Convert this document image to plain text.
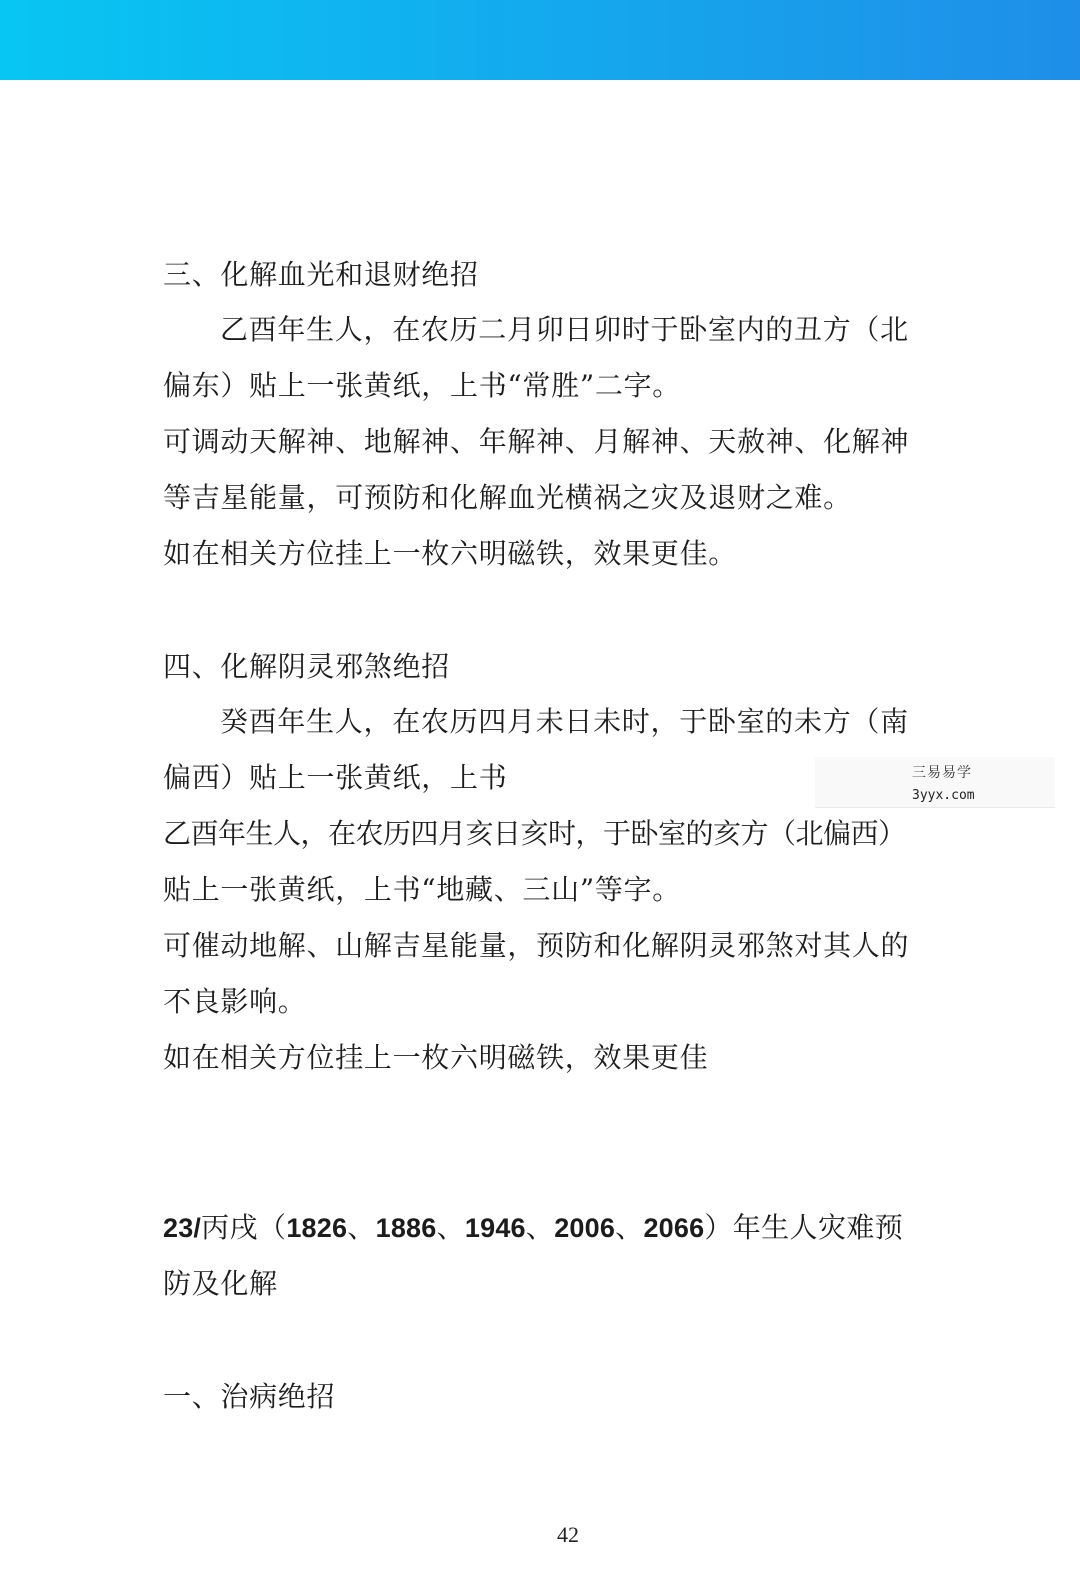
三、化解血光和退财绝招
乙酉年生人，在农历二月卯日卯时于卧室内的丑方（北
偏东）贴上一张黄纸，上书“常胜”二字。
可调动天解神、地解神、年解神、月解神、天赦神、化解神
等吉星能量，可预防和化解血光横祸之灾及退财之难。
如在相关方位挂上一枚六明磁铁，效果更佳。
四、化解阴灵邪煞绝招
癸酉年生人，在农历四月未日未时，于卧室的未方（南
偏西）贴上一张黄纸，上书	三易易学
3yyx.com
乙酉年生人，在农历四月亥日亥时，于卧室的亥方（北偏西）
贴上一张黄纸，上书“地藏、三山”等字。
可催动地解、山解吉星能量，预防和化解阴灵邪煞对其人的
不良影响。
如在相关方位挂上一枚六明磁铁，效果更佳
23/丙戌（1826、1886、1946、2006、2066）年生人灾难预
防及化解
一、治病绝招
42
